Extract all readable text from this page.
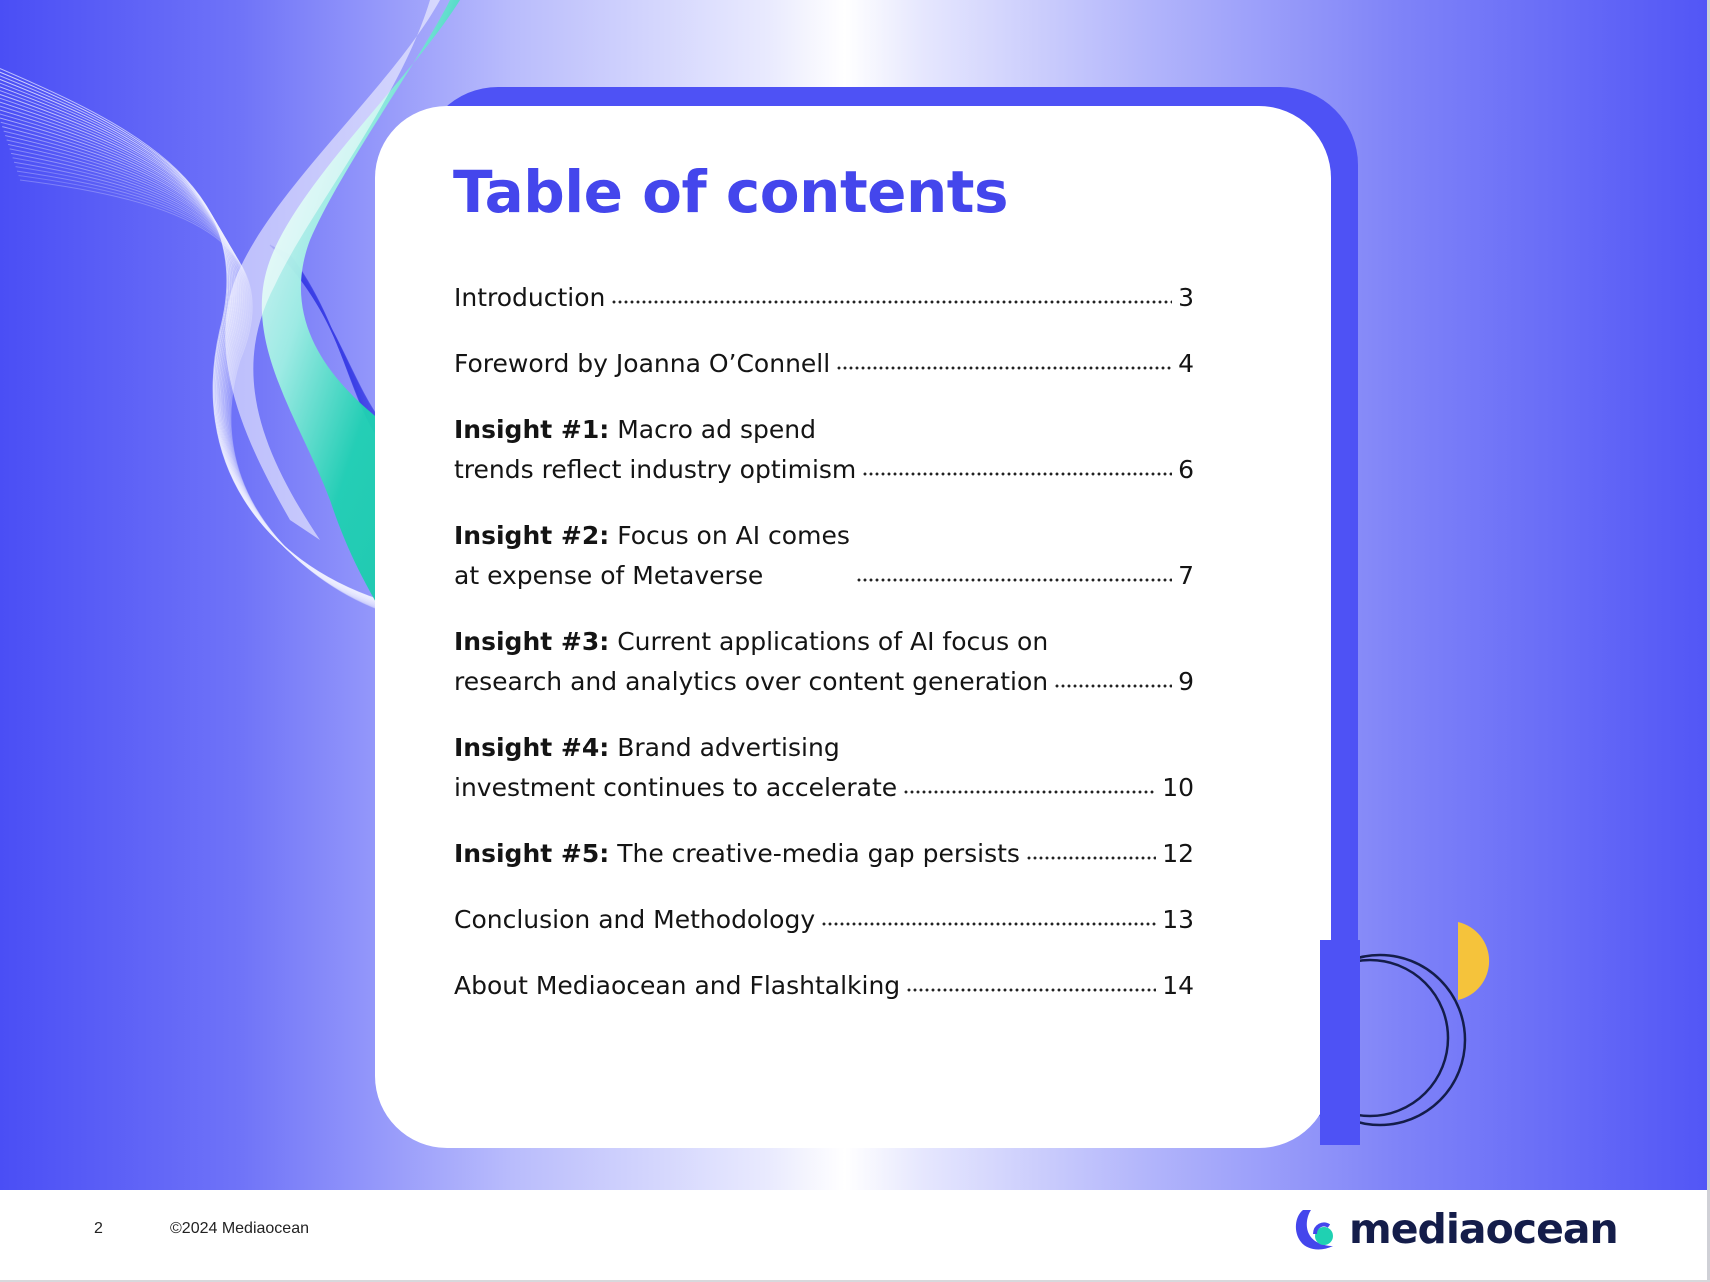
Table of contents
Introduction	3
Foreword by Joanna O’Connell	4
Insight #1: Macro ad spend
trends reflect industry optimism	6
Insight #2: Focus on AI comes
at expense of Metaverse	7
Insight #3: Current applications of AI focus on
research and analytics over content generation	9
Insight #4: Brand advertising
investment continues to accelerate	10
Insight #5: The creative-media gap persists	12
Conclusion and Methodology	13
About Mediaocean and Flashtalking	14
2	©2024 Mediaocean	mediaocean
